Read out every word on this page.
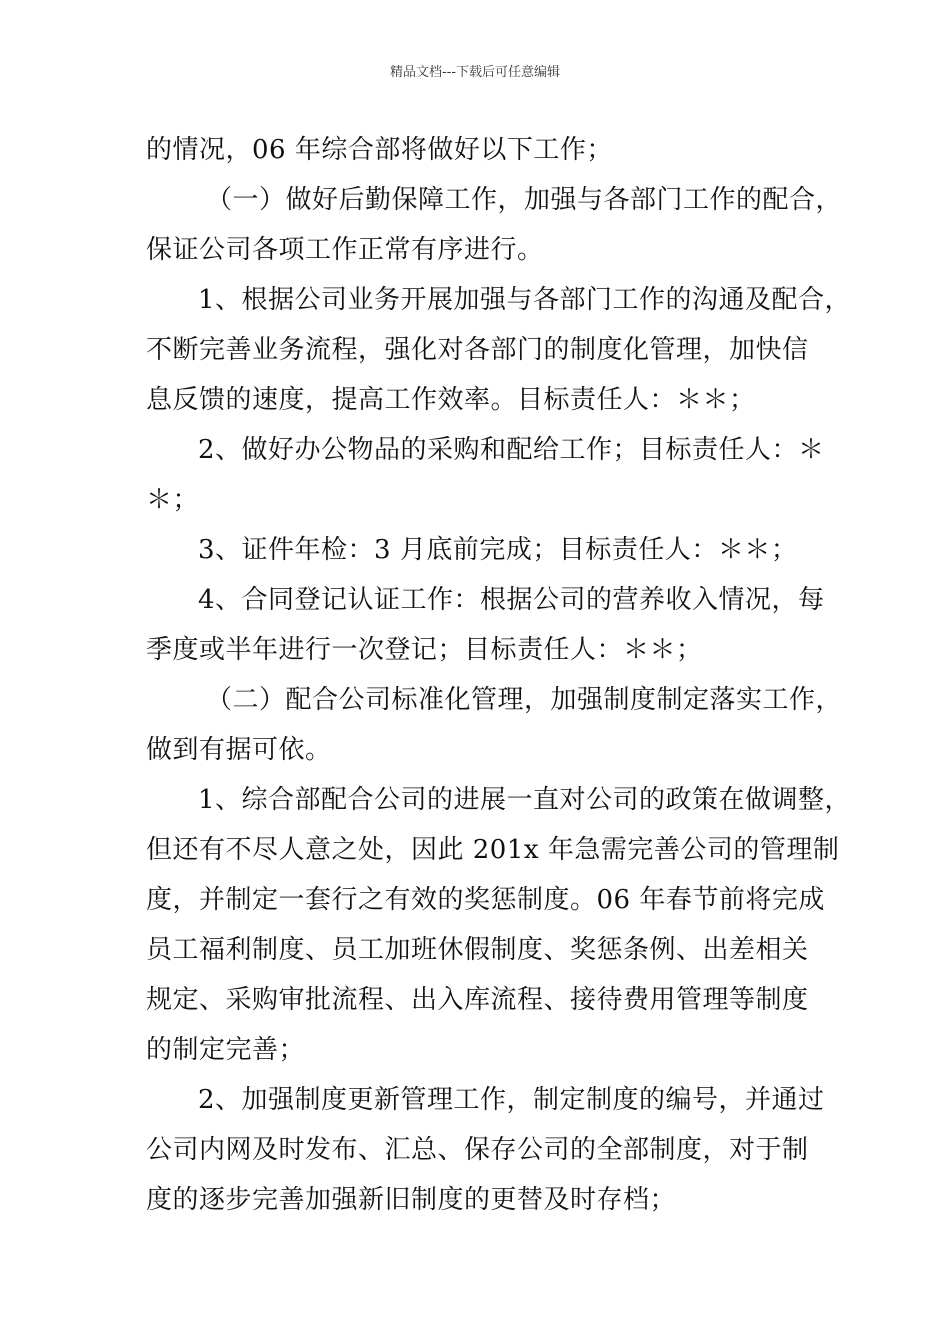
精品文档---下载后可任意编辑
的情况，06 年综合部将做好以下工作；
（一）做好后勤保障工作，加强与各部门工作的配合，
保证公司各项工作正常有序进行。
1、根据公司业务开展加强与各部门工作的沟通及配合，
不断完善业务流程，强化对各部门的制度化管理，加快信
息反馈的速度，提高工作效率。目标责任人：＊＊；
2、做好办公物品的采购和配给工作；目标责任人：＊
＊；
3、证件年检：3 月底前完成；目标责任人：＊＊；
4、合同登记认证工作：根据公司的营养收入情况，每
季度或半年进行一次登记；目标责任人：＊＊；
（二）配合公司标准化管理，加强制度制定落实工作，
做到有据可依。
1、综合部配合公司的进展一直对公司的政策在做调整，
但还有不尽人意之处，因此 201x 年急需完善公司的管理制
度，并制定一套行之有效的奖惩制度。06 年春节前将完成
员工福利制度、员工加班休假制度、奖惩条例、出差相关
规定、采购审批流程、出入库流程、接待费用管理等制度
的制定完善；
2、加强制度更新管理工作，制定制度的编号，并通过
公司内网及时发布、汇总、保存公司的全部制度，对于制
度的逐步完善加强新旧制度的更替及时存档；
